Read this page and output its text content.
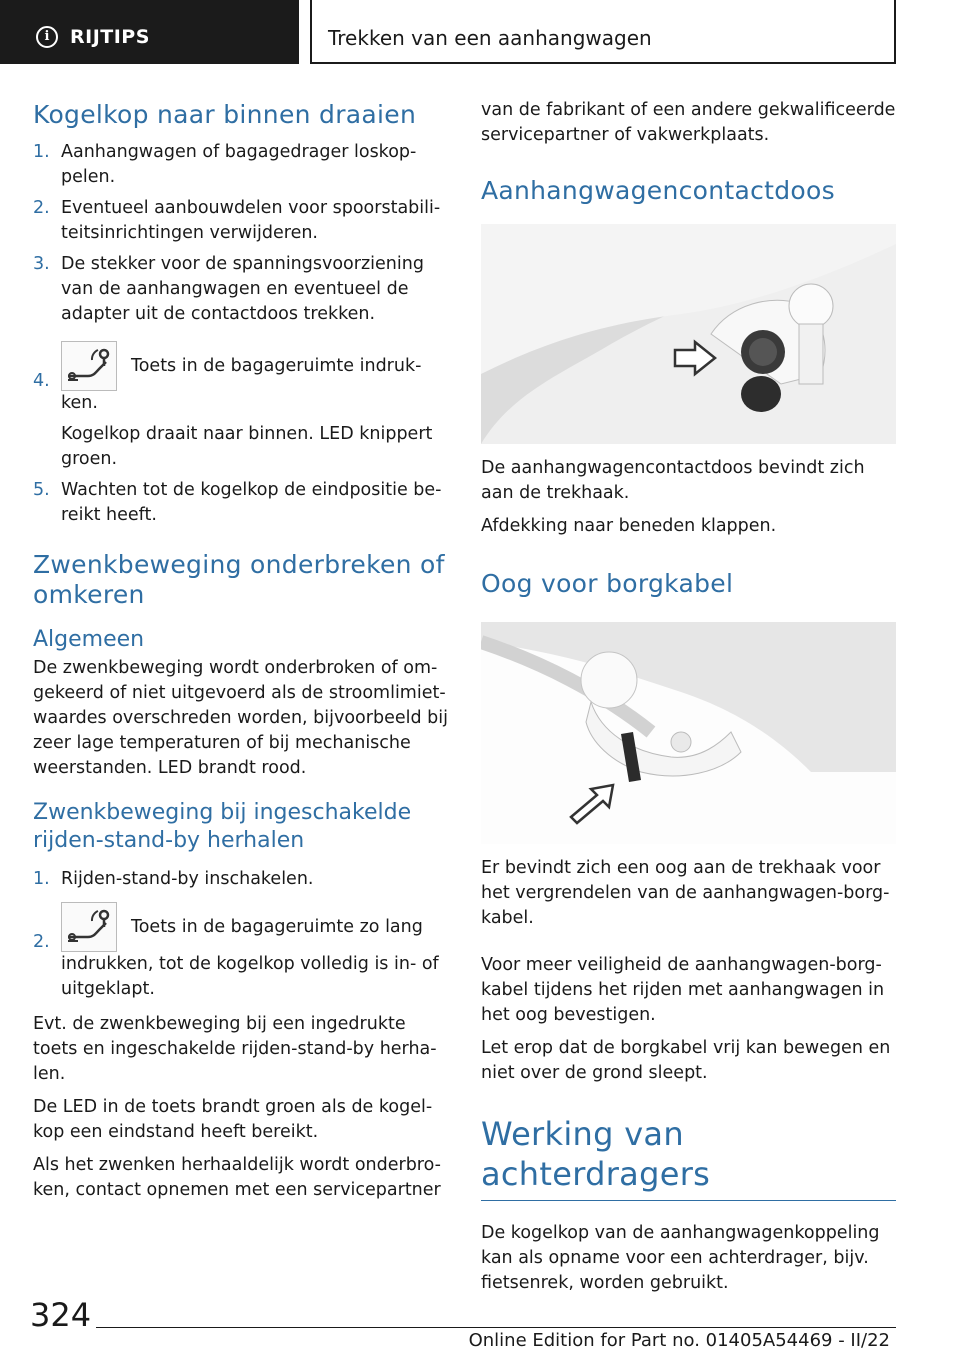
i	RIJTIPS	Trekken van een aanhangwagen
Kogelkop naar binnen draaien
1. Aanhangwagen of bagagedrager loskop-pelen.
2. Eventueel aanbouwdelen voor spoorstabili-teitsinrichtingen verwijderen.
3. De stekker voor de spanningsvoorziening van de aanhangwagen en eventueel de adapter uit de contactdoos trekken.
4.
Toets in de bagageruimte indruk-ken.
Kogelkop draait naar binnen. LED knippert groen.
5. Wachten tot de kogelkop de eindpositie be-reikt heeft.
Zwenkbeweging onderbreken of omkeren
Algemeen

De zwenkbeweging wordt onderbroken of om-gekeerd of niet uitgevoerd als de stroomlimiet-waardes overschreden worden, bijvoorbeeld bij zeer lage temperaturen of bij mechanische weerstanden. LED brandt rood.

Zwenkbeweging bij ingeschakelde rijden-stand-by herhalen
1. Rijden-stand-by inschakelen.
2.
Toets in de bagageruimte zo lang indrukken, tot de kogelkop volledig is in- of uitgeklapt.

Evt. de zwenkbeweging bij een ingedrukte toets en ingeschakelde rijden-stand-by herha-len.

De LED in de toets brandt groen als de kogel-kop een eindstand heeft bereikt.

Als het zwenken herhaaldelijk wordt onderbro-ken, contact opnemen met een servicepartner

van de fabrikant of een andere gekwalificeerde servicepartner of vakwerkplaats.

Aanhangwagencontactdoos

De aanhangwagencontactdoos bevindt zich aan de trekhaak.

Afdekking naar beneden klappen.

Oog voor borgkabel

Er bevindt zich een oog aan de trekhaak voor het vergrendelen van de aanhangwagen-borg-kabel.

Voor meer veiligheid de aanhangwagen-borg-kabel tijdens het rijden met aanhangwagen in het oog bevestigen.

Let erop dat de borgkabel vrij kan bewegen en niet over de grond sleept.

Werking van achterdragers

De kogelkop van de aanhangwagenkoppeling kan als opname voor een achterdrager, bijv. fietsenrek, worden gebruikt.

324
Online Edition for Part no. 01405A54469 - II/22
